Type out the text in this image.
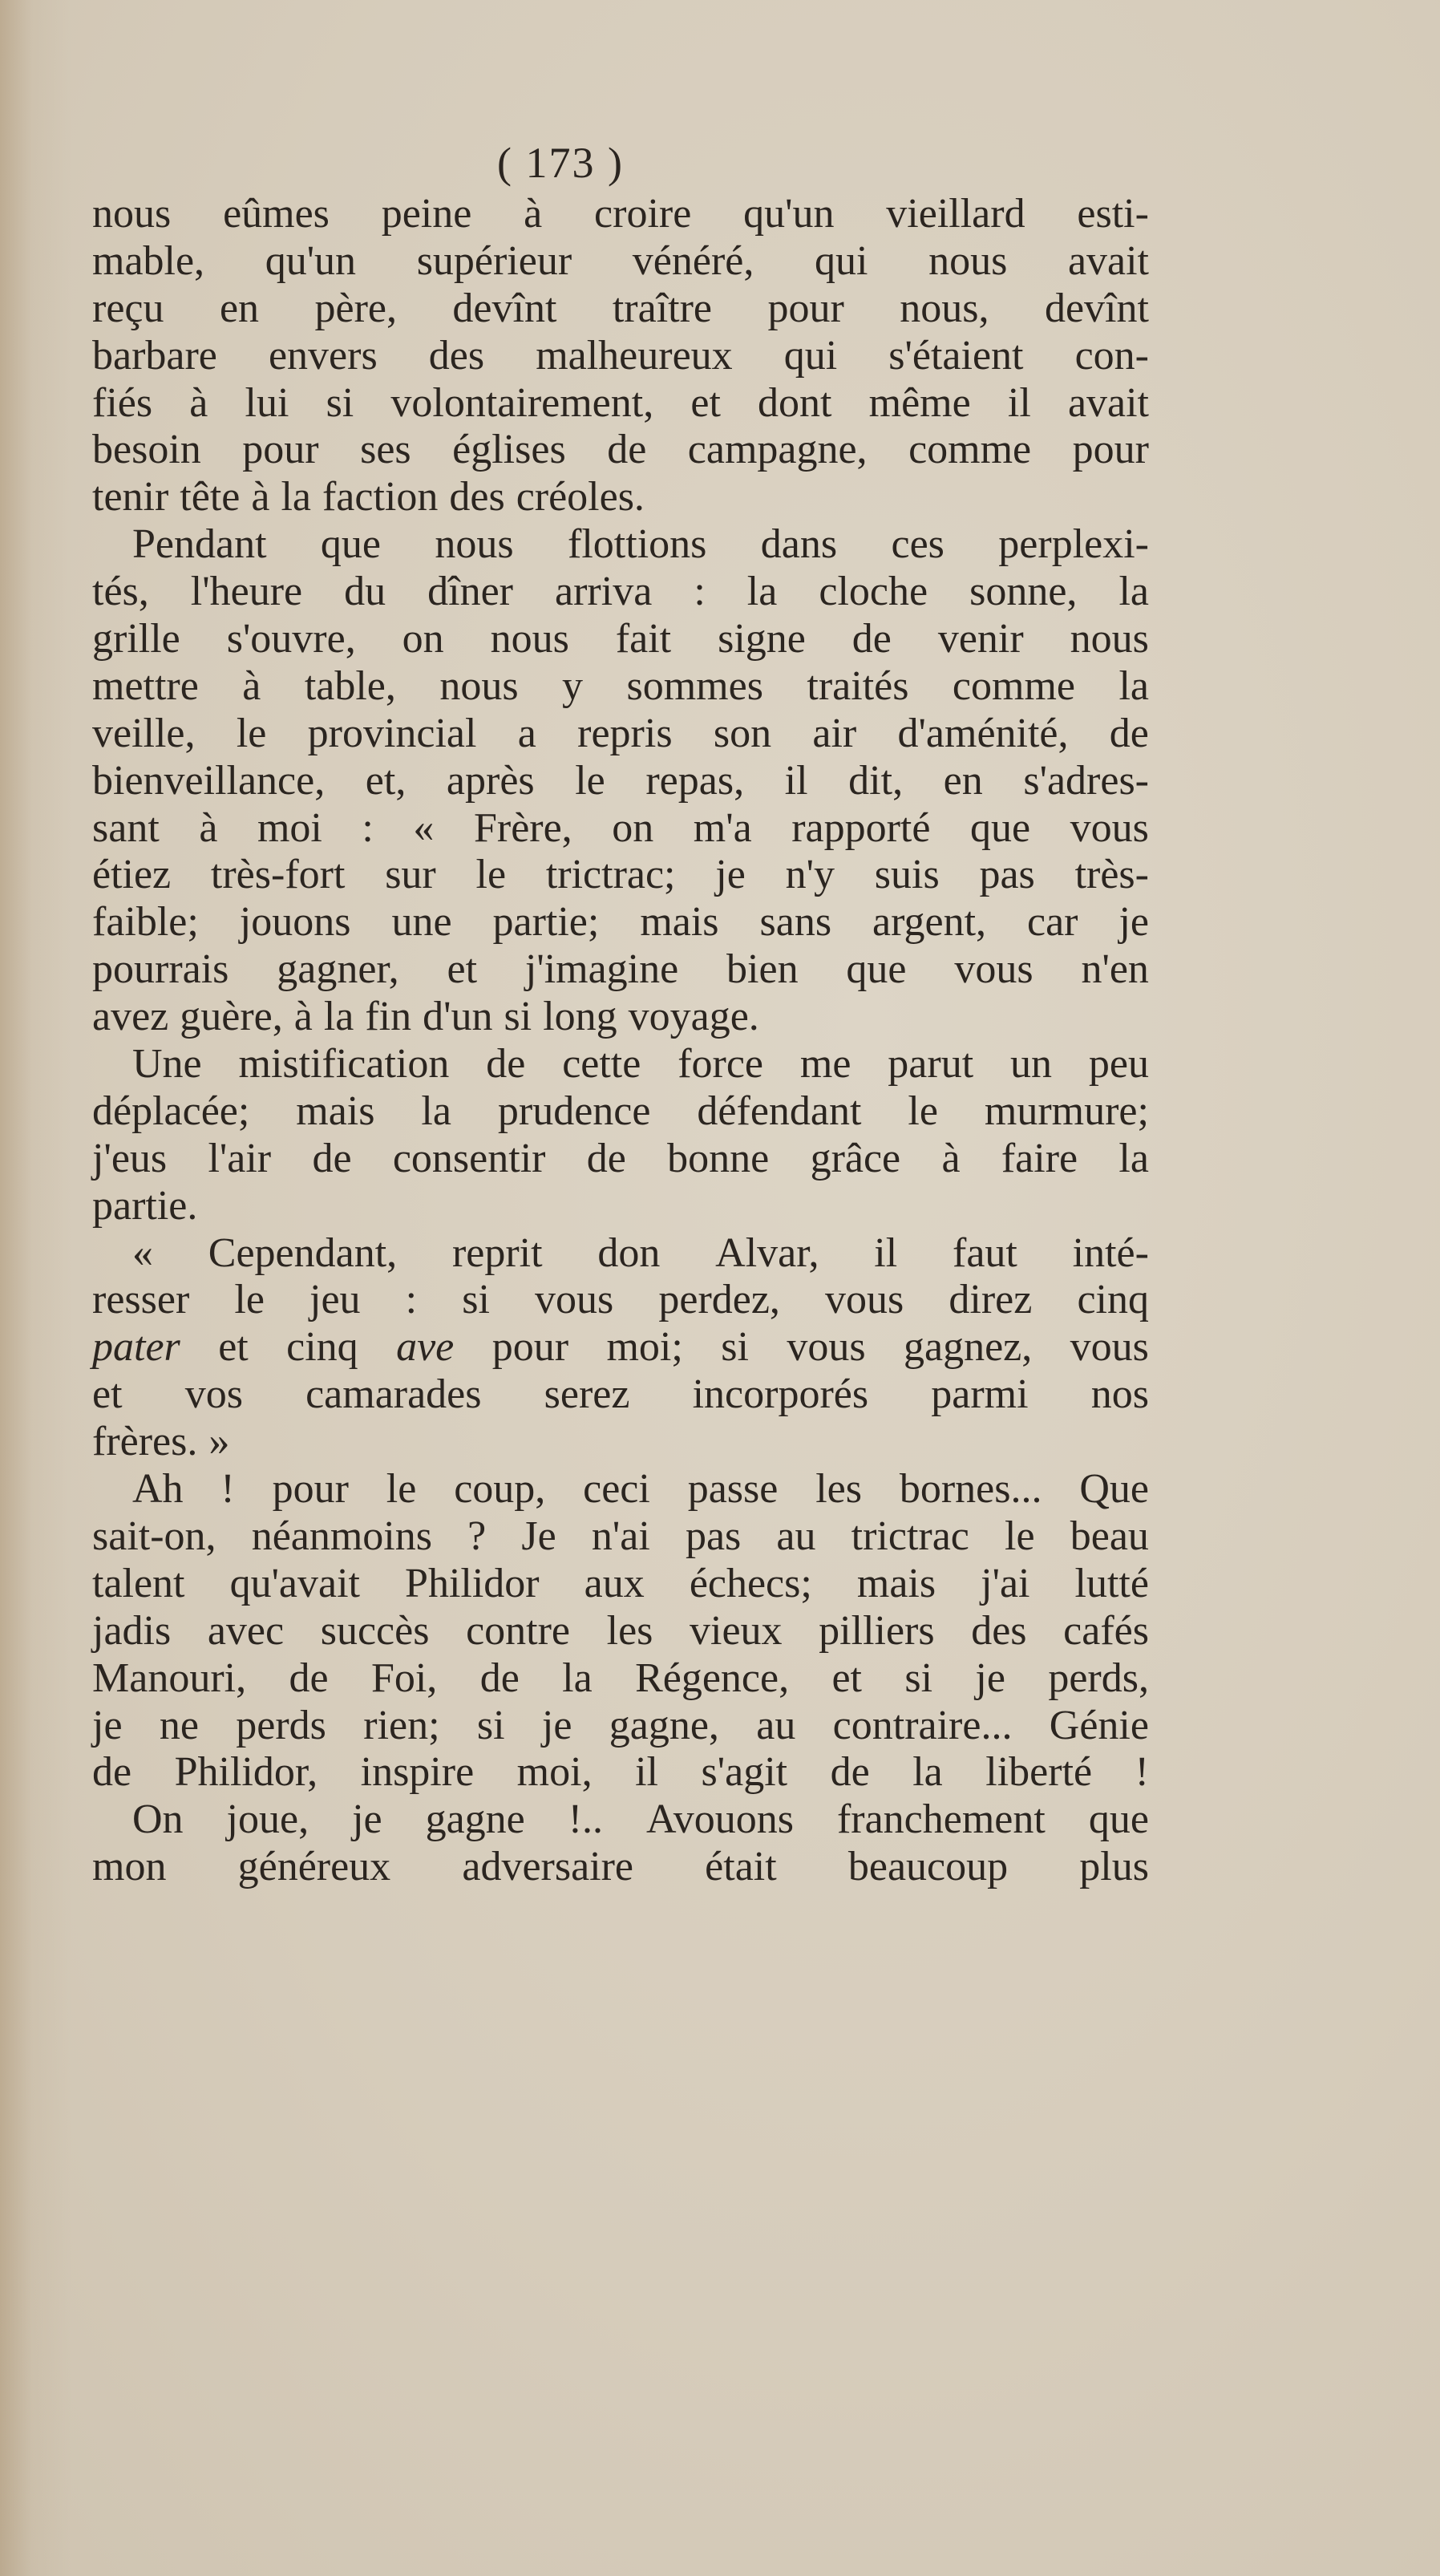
( 173 )
nous eûmes peine à croire qu'un vieillard esti-
mable, qu'un supérieur vénéré, qui nous avait
reçu en père, devînt traître pour nous, devînt
barbare envers des malheureux qui s'étaient con-
fiés à lui si volontairement, et dont même il avait
besoin pour ses églises de campagne, comme pour
tenir tête à la faction des créoles.
Pendant que nous flottions dans ces perplexi-
tés, l'heure du dîner arriva : la cloche sonne, la
grille s'ouvre, on nous fait signe de venir nous
mettre à table, nous y sommes traités comme la
veille, le provincial a repris son air d'aménité, de
bienveillance, et, après le repas, il dit, en s'adres-
sant à moi : « Frère, on m'a rapporté que vous
étiez très-fort sur le trictrac; je n'y suis pas très-
faible; jouons une partie; mais sans argent, car je
pourrais gagner, et j'imagine bien que vous n'en
avez guère, à la fin d'un si long voyage.
Une mistification de cette force me parut un peu
déplacée; mais la prudence défendant le murmure;
j'eus l'air de consentir de bonne grâce à faire la
partie.
« Cependant, reprit don Alvar, il faut inté-
resser le jeu : si vous perdez, vous direz cinq
pater et cinq ave pour moi; si vous gagnez, vous
et vos camarades serez incorporés parmi nos
frères. »
Ah ! pour le coup, ceci passe les bornes... Que
sait-on, néanmoins ? Je n'ai pas au trictrac le beau
talent qu'avait Philidor aux échecs; mais j'ai lutté
jadis avec succès contre les vieux pilliers des cafés
Manouri, de Foi, de la Régence, et si je perds,
je ne perds rien; si je gagne, au contraire... Génie
de Philidor, inspire moi, il s'agit de la liberté !
On joue, je gagne !.. Avouons franchement que
mon généreux adversaire était beaucoup plus
